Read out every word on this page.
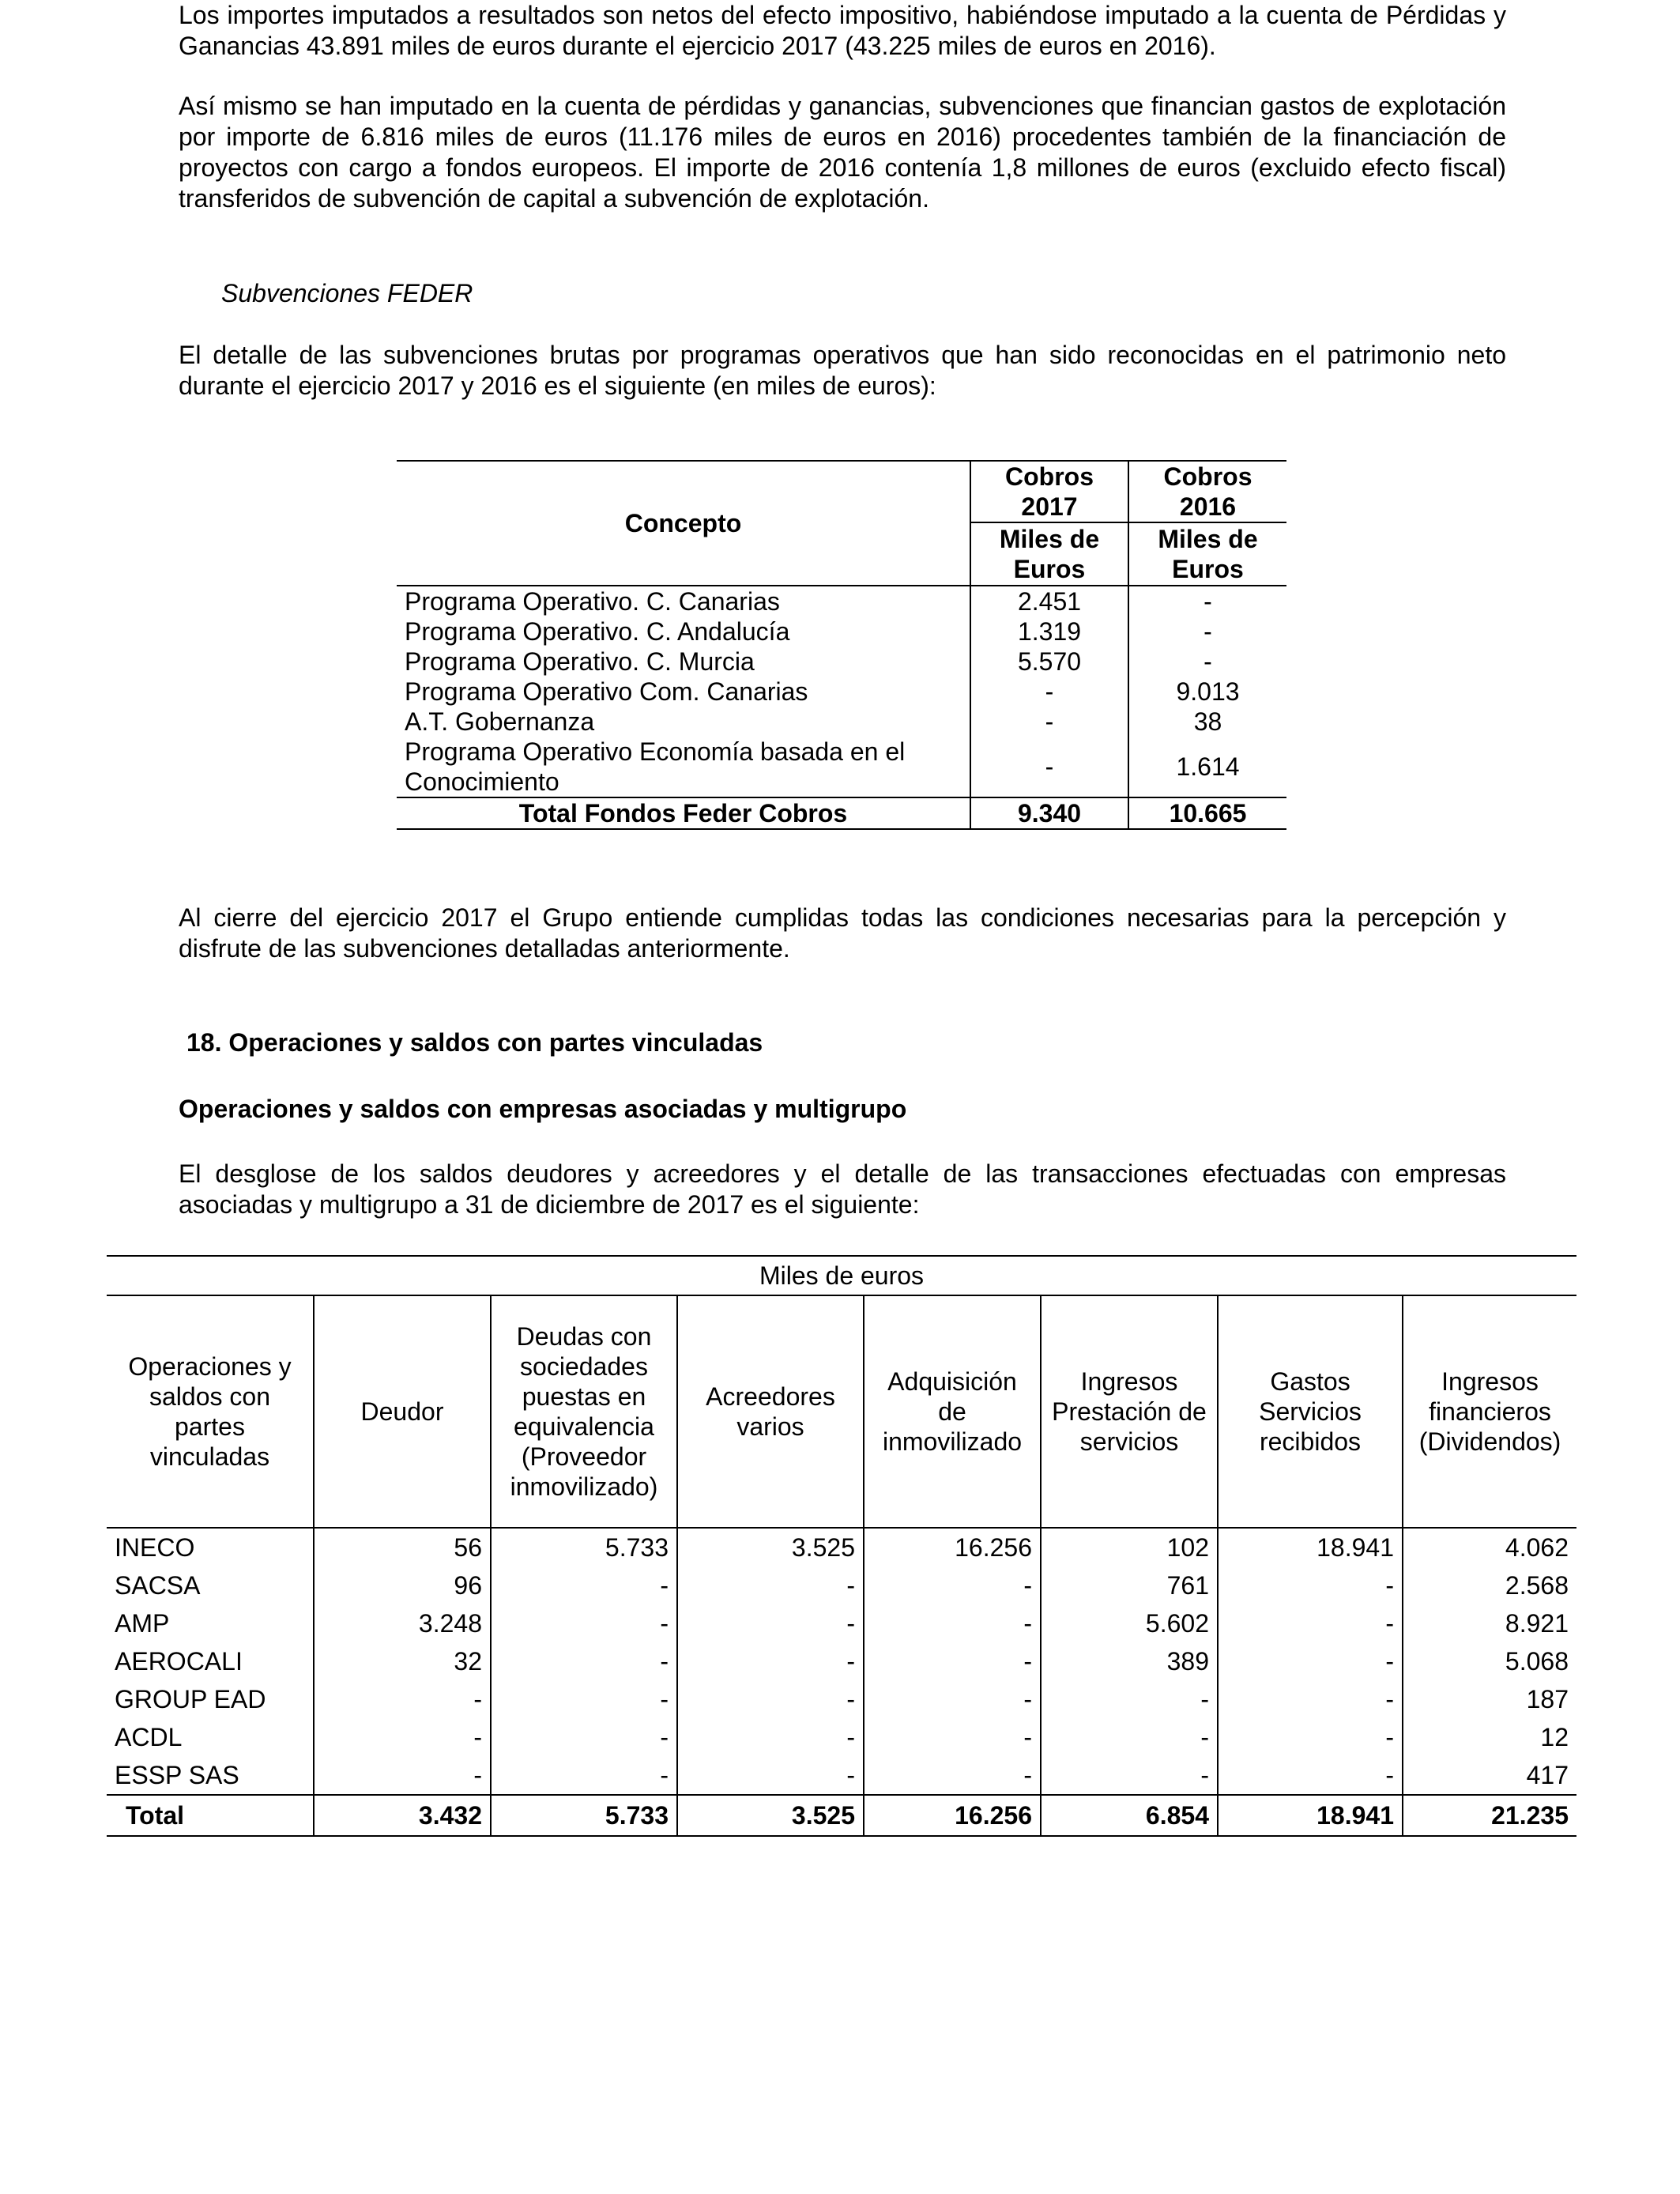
Los importes imputados a resultados son netos del efecto impositivo, habiéndose imputado a la cuenta de Pérdidas y Ganancias 43.891 miles de euros durante el ejercicio 2017 (43.225 miles de euros en 2016).

Así mismo se han imputado en la cuenta de pérdidas y ganancias, subvenciones que financian gastos de explotación por importe de 6.816 miles de euros (11.176 miles de euros en 2016) procedentes también de la financiación de proyectos con cargo a fondos europeos. El importe de 2016 contenía 1,8 millones de euros (excluido efecto fiscal) transferidos de subvención de capital a subvención de explotación.

Subvenciones FEDER

El detalle de las subvenciones brutas por programas operativos que han sido reconocidas en el patrimonio neto durante el ejercicio 2017 y 2016 es el siguiente (en miles de euros):

Concepto	Cobros 2017	Cobros 2016
	Miles de Euros	Miles de Euros
Programa Operativo. C. Canarias	2.451	-
Programa Operativo. C. Andalucía	1.319	-
Programa Operativo. C. Murcia	5.570	-
Programa Operativo Com. Canarias	-	9.013
A.T. Gobernanza	-	38
Programa Operativo Economía basada en el Conocimiento	-	1.614
Total Fondos Feder Cobros	9.340	10.665

Al cierre del ejercicio 2017 el Grupo entiende cumplidas todas las condiciones necesarias para la percepción y disfrute de las subvenciones detalladas anteriormente.

18. Operaciones y saldos con partes vinculadas

Operaciones y saldos con empresas asociadas y multigrupo

El desglose de los saldos deudores y acreedores y el detalle de las transacciones efectuadas con empresas asociadas y multigrupo a 31 de diciembre de 2017 es el siguiente:

Miles de euros							
Operaciones y saldos con partes vinculadas	Deudor	Deudas con sociedades puestas en equivalencia (Proveedor inmovilizado)	Acreedores varios	Adquisición de inmovilizado	Ingresos Prestación de servicios	Gastos Servicios recibidos	Ingresos financieros (Dividendos)
INECO	56	5.733	3.525	16.256	102	18.941	4.062
SACSA	96	-	-	-	761	-	2.568
AMP	3.248	-	-	-	5.602	-	8.921
AEROCALI	32	-	-	-	389	-	5.068
GROUP EAD	-	-	-	-	-	-	187
ACDL	-	-	-	-	-	-	12
ESSP SAS	-	-	-	-	-	-	417
Total	3.432	5.733	3.525	16.256	6.854	18.941	21.235
